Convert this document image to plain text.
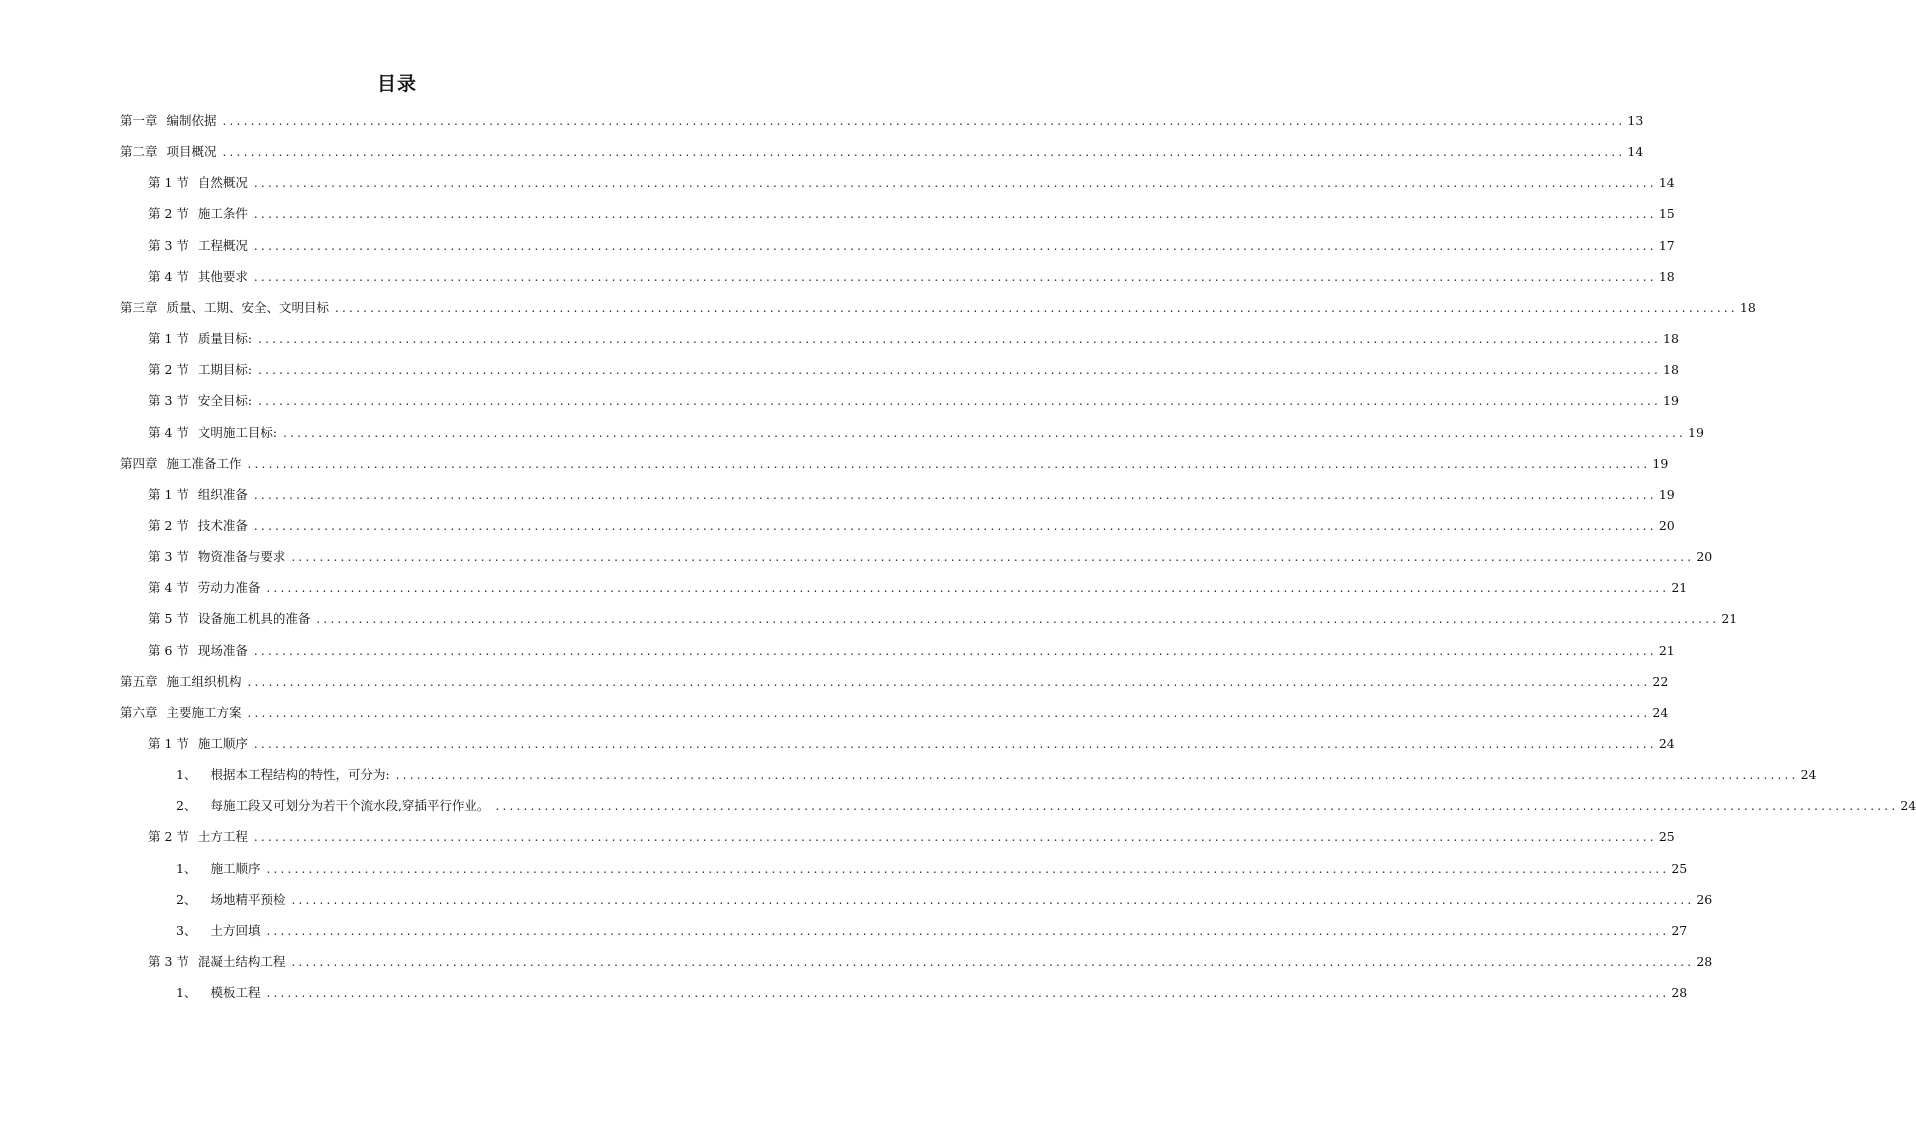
目录
第一章 编制依据 ........................................................................................................................................................................................................ 13
第二章 项目概况 ........................................................................................................................................................................................................ 14
第 1 节 自然概况 ........................................................................................................................................................................................................ 14
第 2 节 施工条件 ........................................................................................................................................................................................................ 15
第 3 节 工程概况 ........................................................................................................................................................................................................ 17
第 4 节 其他要求 ........................................................................................................................................................................................................ 18
第三章 质量、工期、安全、文明目标 ........................................................................................................................................................................................................ 18
第 1 节 质量目标: ........................................................................................................................................................................................................ 18
第 2 节 工期目标: ........................................................................................................................................................................................................ 18
第 3 节 安全目标: ........................................................................................................................................................................................................ 19
第 4 节 文明施工目标: ........................................................................................................................................................................................................ 19
第四章 施工准备工作 ........................................................................................................................................................................................................ 19
第 1 节 组织准备 ........................................................................................................................................................................................................ 19
第 2 节 技术准备 ........................................................................................................................................................................................................ 20
第 3 节 物资准备与要求 ........................................................................................................................................................................................................ 20
第 4 节 劳动力准备 ........................................................................................................................................................................................................ 21
第 5 节 设备施工机具的准备 ........................................................................................................................................................................................................ 21
第 6 节 现场准备 ........................................................................................................................................................................................................ 21
第五章 施工组织机构 ........................................................................................................................................................................................................ 22
第六章 主要施工方案 ........................................................................................................................................................................................................ 24
第 1 节 施工顺序 ........................................................................................................................................................................................................ 24
1、 根据本工程结构的特性，可分为: ........................................................................................................................................................................................................ 24
2、 每施工段又可划分为若干个流水段,穿插平行作业。 ........................................................................................................................................................................................................ 24
第 2 节 土方工程 ........................................................................................................................................................................................................ 25
1、 施工顺序 ........................................................................................................................................................................................................ 25
2、 场地精平预检 ........................................................................................................................................................................................................ 26
3、 土方回填 ........................................................................................................................................................................................................ 27
第 3 节 混凝土结构工程 ........................................................................................................................................................................................................ 28
1、 模板工程 ........................................................................................................................................................................................................ 28
